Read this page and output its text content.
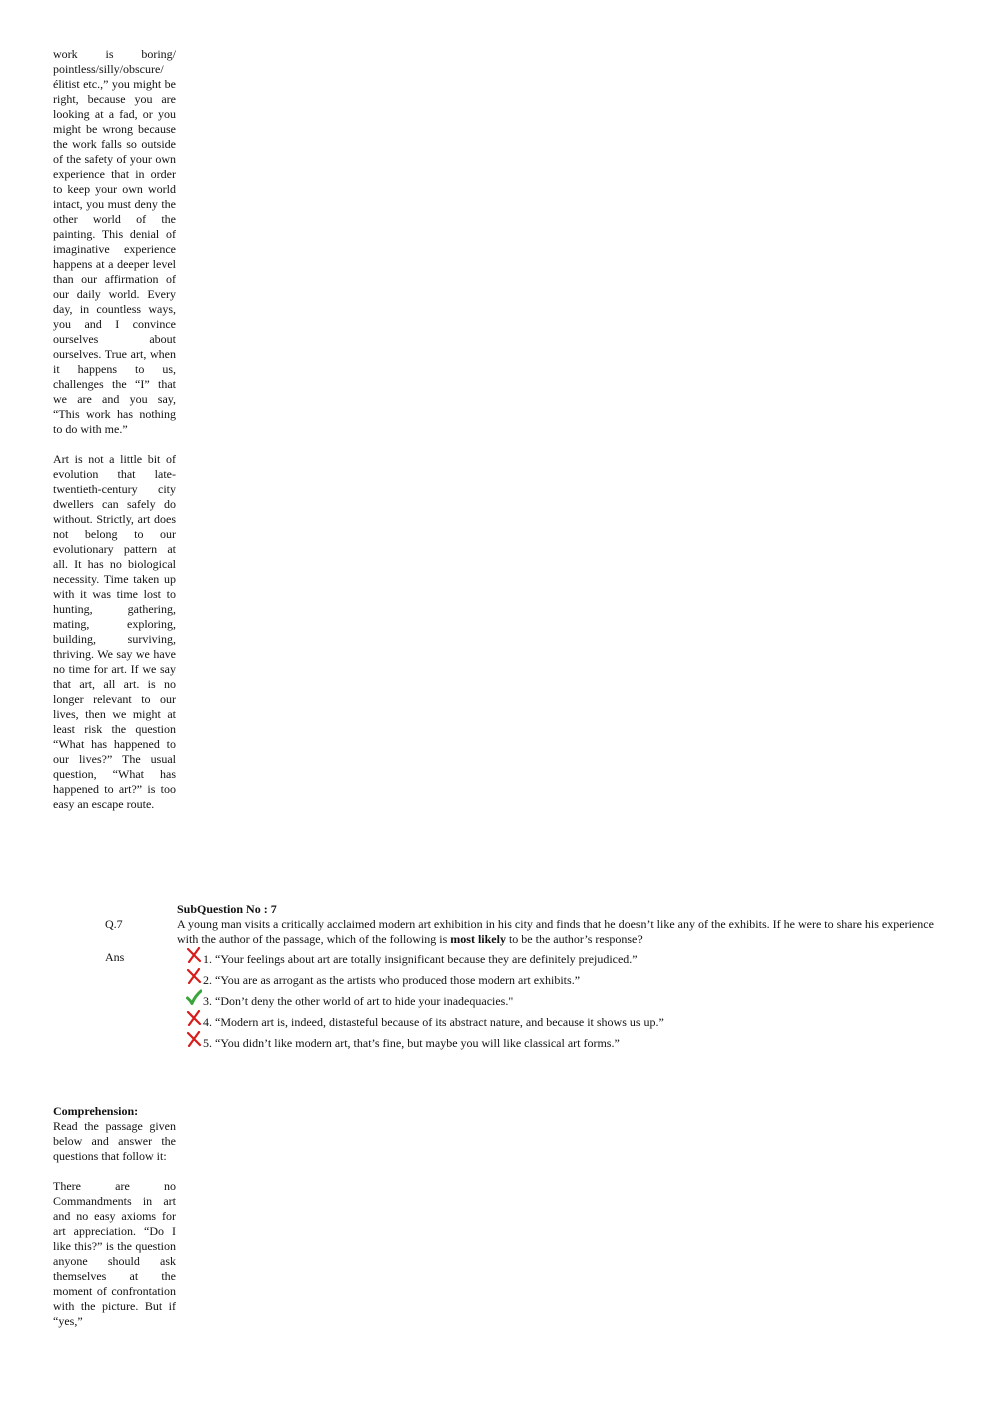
work is boring/ pointless/silly/obscure/ élitist etc.,” you might be right, because you are looking at a fad, or you might be wrong because the work falls so outside of the safety of your own experience that in order to keep your own world intact, you must deny the other world of the painting. This denial of imaginative experience happens at a deeper level than our affirmation of our daily world. Every day, in countless ways, you and I convince ourselves about ourselves. True art, when it happens to us, challenges the “I” that we are and you say, “This work has nothing to do with me.”

Art is not a little bit of evolution that late-twentieth-century city dwellers can safely do without. Strictly, art does not belong to our evolutionary pattern at all. It has no biological necessity. Time taken up with it was time lost to hunting, gathering, mating, exploring, building, surviving, thriving. We say we have no time for art. If we say that art, all art. is no longer relevant to our lives, then we might at least risk the question “What has happened to our lives?” The usual question, “What has happened to art?” is too easy an escape route.

SubQuestion No : 7
Q.7	A young man visits a critically acclaimed modern art exhibition in his city and finds that he doesn’t like any of the exhibits. If he were to share his experience with the author of the passage, which of the following is most likely to be the author’s response?

Ans	1. “Your feelings about art are totally insignificant because they are definitely prejudiced.”
2. “You are as arrogant as the artists who produced those modern art exhibits.”
3. “Don’t deny the other world of art to hide your inadequacies."
4. “Modern art is, indeed, distasteful because of its abstract nature, and because it shows us up.”
5. “You didn’t like modern art, that’s fine, but maybe you will like classical art forms.”

Comprehension:
Read the passage given below and answer the questions that follow it:

There are no Commandments in art and no easy axioms for art appreciation. “Do I like this?” is the question anyone should ask themselves at the moment of confrontation with the picture. But if “yes,”
